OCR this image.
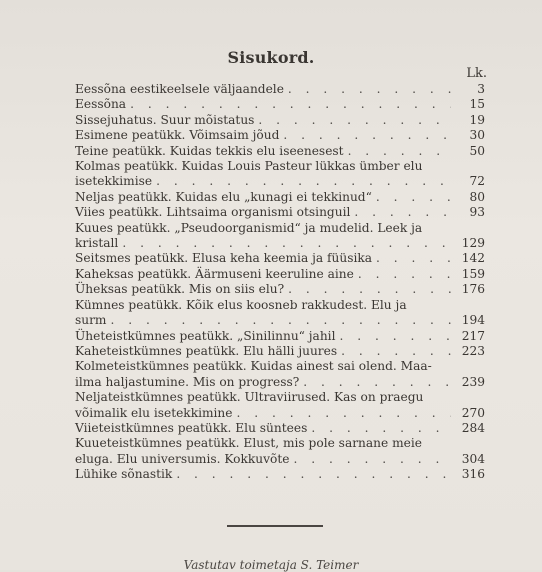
Sisukord.
Lk.
Eessõna eestikeelsele väljaandele . . .	3
Eessõna . . .	15
Sissejuhatus. Suur mõistatus . . .	19
Esimene peatükk. Võimsaim jõud . . .	30
Teine peatükk. Kuidas tekkis elu iseenesest . . .	50
Kolmas peatükk. Kuidas Louis Pasteur lükkas ümber elu
isetekkimise . . .	72
Neljas peatükk. Kuidas elu „kunagi ei tekkinud“ . . .	80
Viies peatükk. Lihtsaima organismi otsinguil . . .	93
Kuues peatükk. „Pseudoorganismid“ ja mudelid. Leek ja
kristall . . .	129
Seitsmes peatükk. Elusa keha keemia ja füüsika . . .	142
Kaheksas peatükk. Äärmuseni keeruline aine . . .	159
Üheksas peatükk. Mis on siis elu? . . .	176
Kümnes peatükk. Kõik elus koosneb rakkudest. Elu ja
surm . . .	194
Üheteistkümnes peatükk. „Sinilinnu“ jahil . . .	217
Kaheteistkümnes peatükk. Elu hälli juures . . .	223
Kolmeteistkümnes peatükk. Kuidas ainest sai olend. Maa-
ilma haljastumine. Mis on progress? . . .	239
Neljateistkümnes peatükk. Ultraviirused. Kas on praegu
võimalik elu isetekkimine . . .	270
Viieteistkümnes peatükk. Elu süntees . . .	284
Kuueteistkümnes peatükk. Elust, mis pole sarnane meie
eluga. Elu universumis. Kokkuvõte . . .	304
Lühike sõnastik . . .	316
Vastutav toimetaja S. Teimer
